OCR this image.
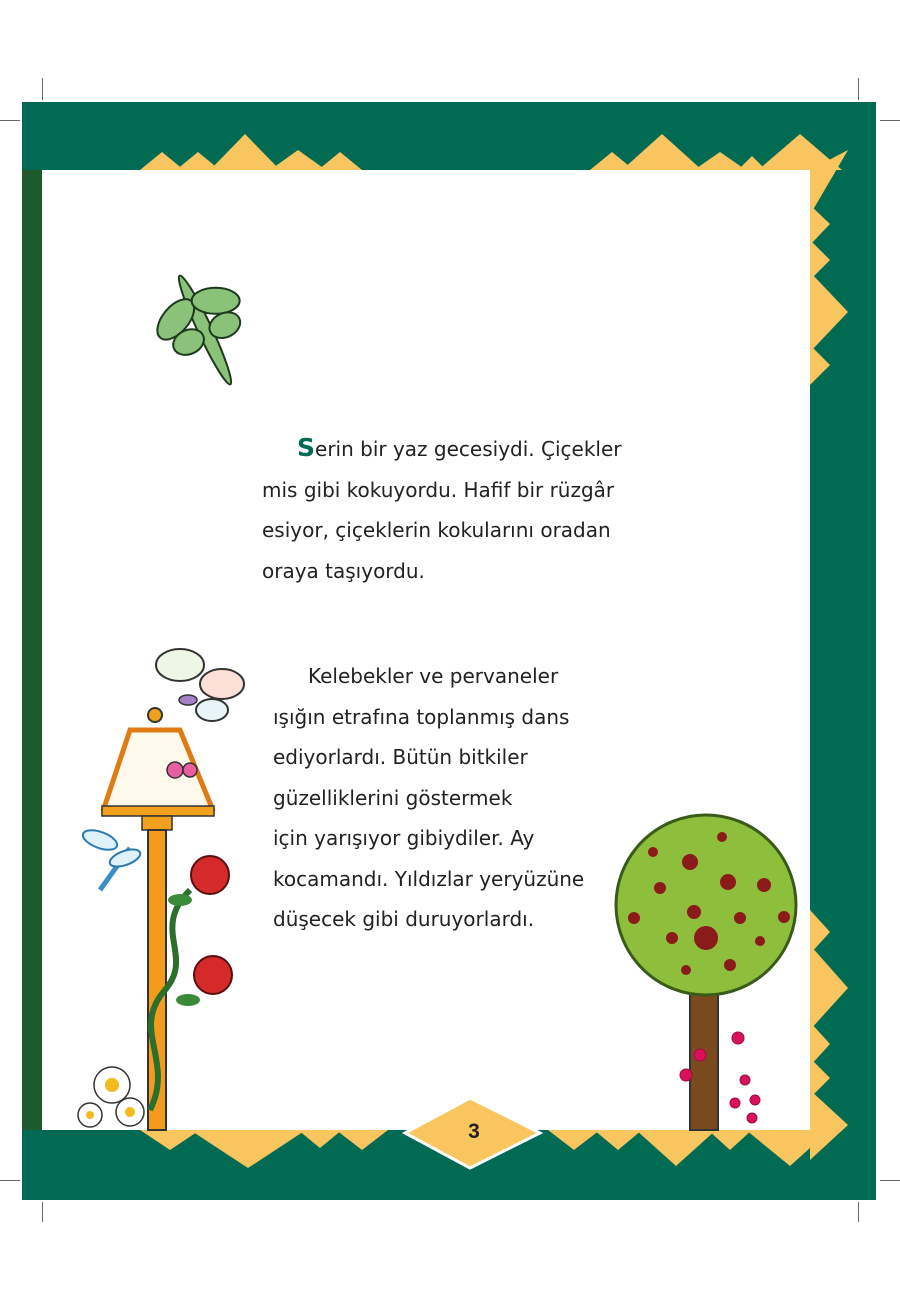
Serin bir yaz gecesiydi. Çiçekler
mis gibi kokuyordu. Hafif bir rüzgâr
esiyor, çiçeklerin kokularını oradan
oraya taşıyordu.
Kelebekler ve pervaneler
ışığın etrafına toplanmış dans
ediyorlardı. Bütün bitkiler
güzelliklerini göstermek
için yarışıyor gibiydiler. Ay
kocamandı. Yıldızlar yeryüzüne
düşecek gibi duruyorlardı.
3
